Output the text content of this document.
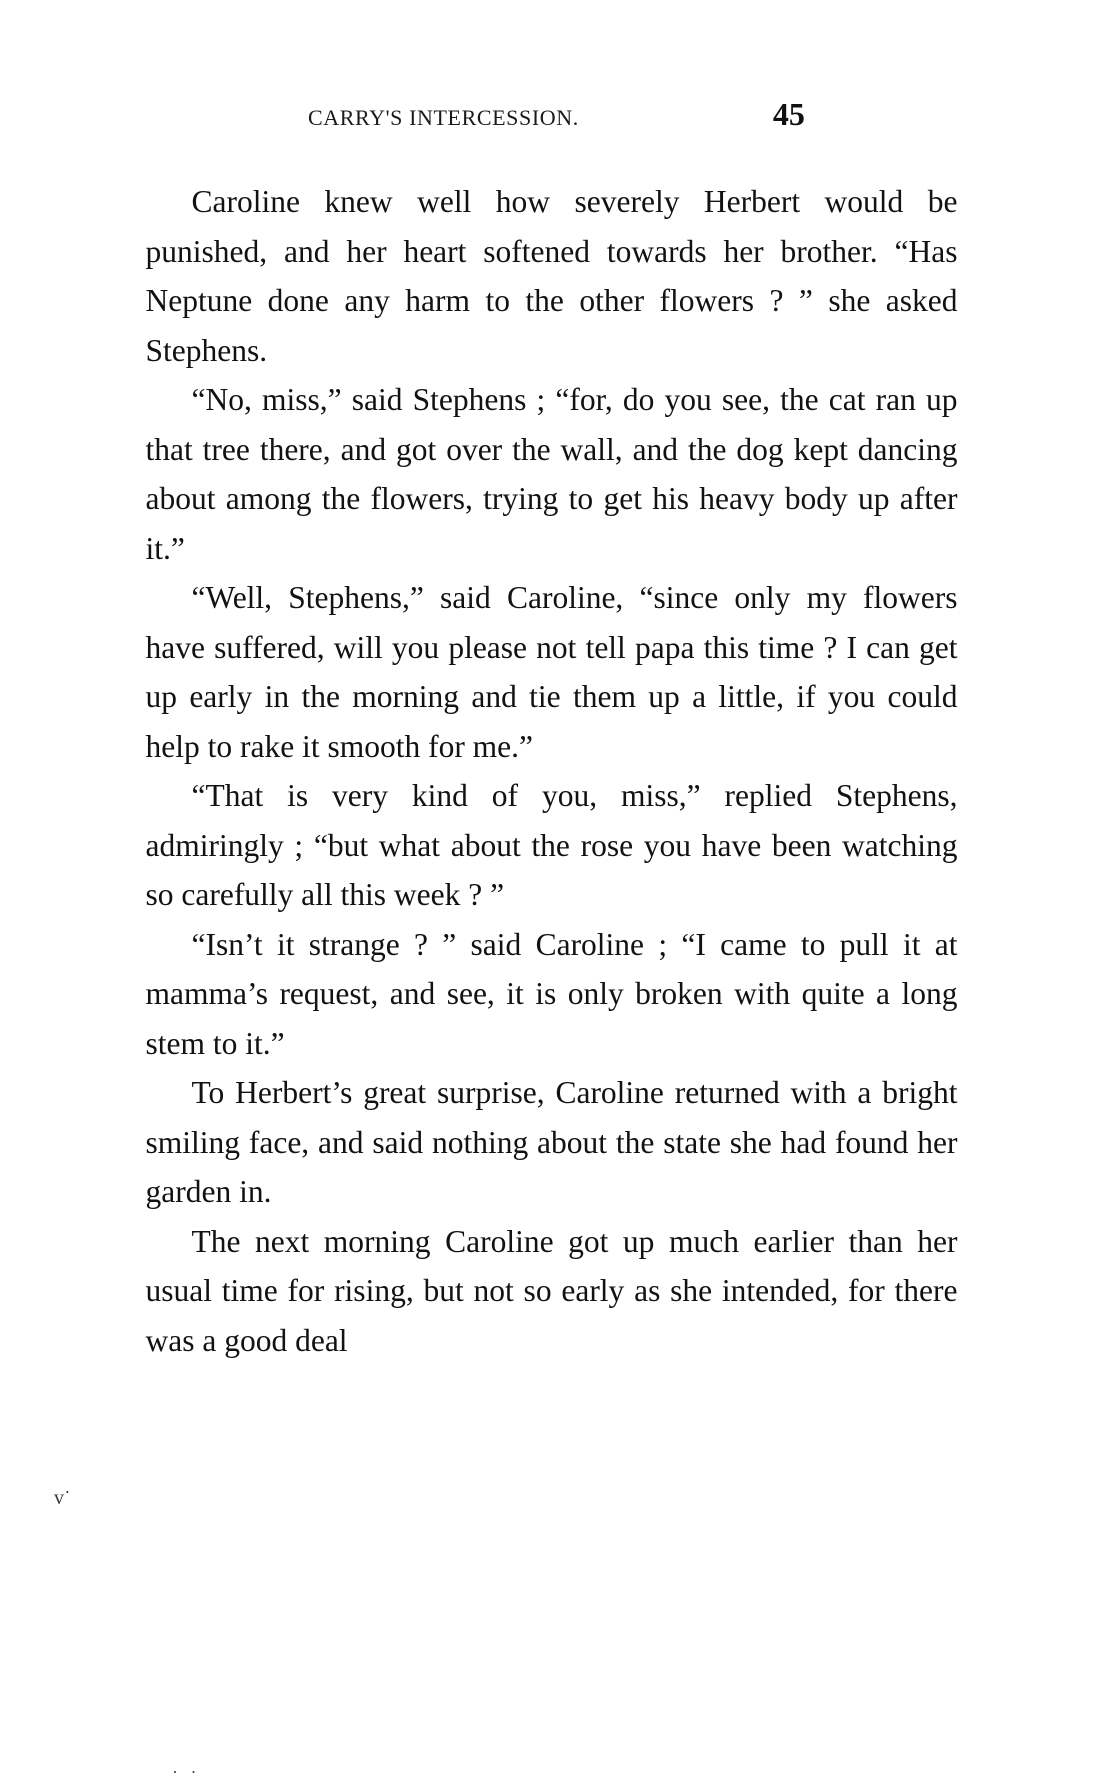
CARRY'S INTERCESSION.	45

Caroline knew well how severely Herbert would be punished, and her heart softened towards her brother. “Has Neptune done any harm to the other flowers ? ” she asked Stephens.

“No, miss,” said Stephens ; “for, do you see, the cat ran up that tree there, and got over the wall, and the dog kept dancing about among the flowers, trying to get his heavy body up after it.”

“Well, Stephens,” said Caroline, “since only my flowers have suffered, will you please not tell papa this time ? I can get up early in the morning and tie them up a little, if you could help to rake it smooth for me.”

“That is very kind of you, miss,” replied Stephens, admiringly ; “but what about the rose you have been watching so carefully all this week ? ”

“Isn’t it strange ? ” said Caroline ; “I came to pull it at mamma’s request, and see, it is only broken with quite a long stem to it.”

To Herbert’s great surprise, Caroline returned with a bright smiling face, and said nothing about the state she had found her garden in.

The next morning Caroline got up much earlier than her usual time for rising, but not so early as she intended, for there was a good deal

ᴠ˙
· ·
